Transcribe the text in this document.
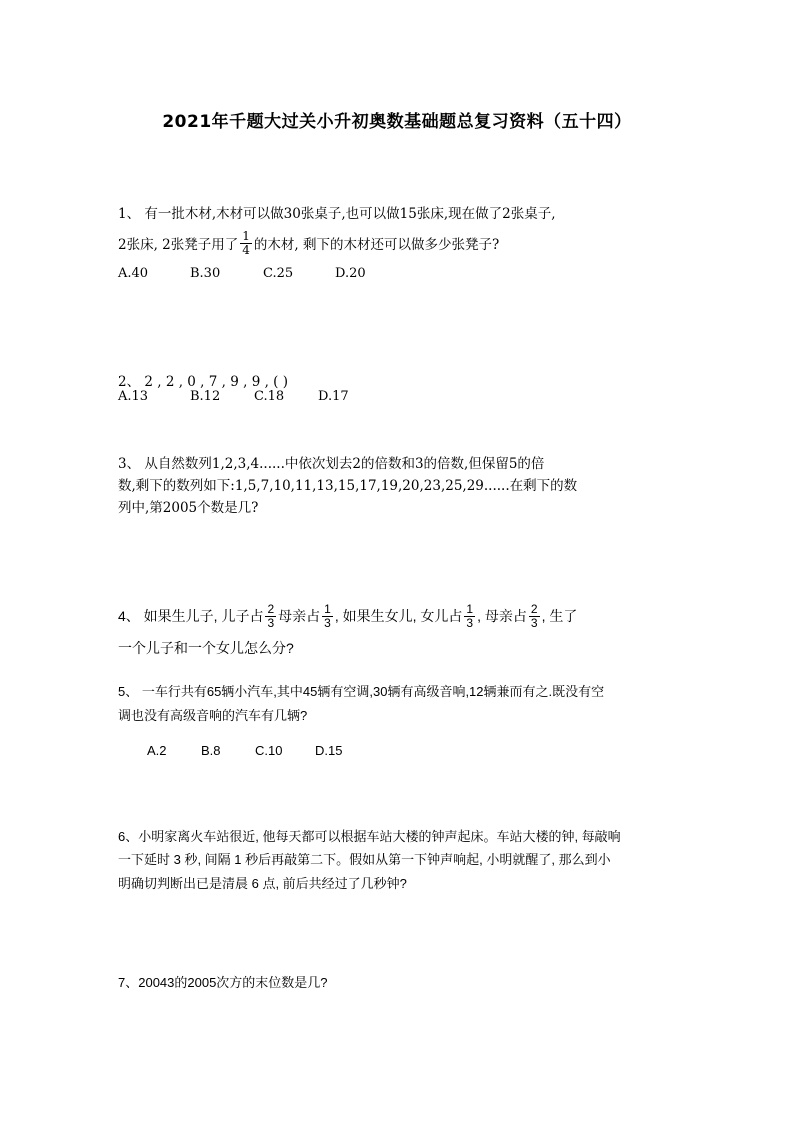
2021年千题大过关小升初奥数基础题总复习资料（五十四）
1、 有一批木材,木材可以做30张桌子,也可以做15张床,现在做了2张桌子,
2张床, 2张凳子用了 $\frac{1}{4}$ 的木材, 剩下的木材还可以做多少张凳子?
A.40	B.30	C.25	D.20
2、 2 , 2 , 0 , 7 , 9 , 9 , ( )
A.13	B.12	C.18	D.17
3、 从自然数列1,2,3,4......中依次划去2的倍数和3的倍数,但保留5的倍
数,剩下的数列如下:1,5,7,10,11,13,15,17,19,20,23,25,29......在剩下的数
列中,第2005个数是几?
4、 如果生儿子, 儿子占 $\frac{2}{3}$ 母亲占 $\frac{1}{3}$ , 如果生女儿, 女儿占 $\frac{1}{3}$ , 母亲占 $\frac{2}{3}$ , 生了
一个儿子和一个女儿怎么分?
5、 一车行共有65辆小汽车,其中45辆有空调,30辆有高级音响,12辆兼而有之.既没有空
调也没有高级音响的汽车有几辆?
A.2	B.8	C.10	D.15
6、小明家离火车站很近, 他每天都可以根据车站大楼的钟声起床。车站大楼的钟, 每敲响
一下延时 3 秒, 间隔 1 秒后再敲第二下。假如从第一下钟声响起, 小明就醒了, 那么到小
明确切判断出已是清晨 6 点, 前后共经过了几秒钟?
7、20043的2005次方的末位数是几?
